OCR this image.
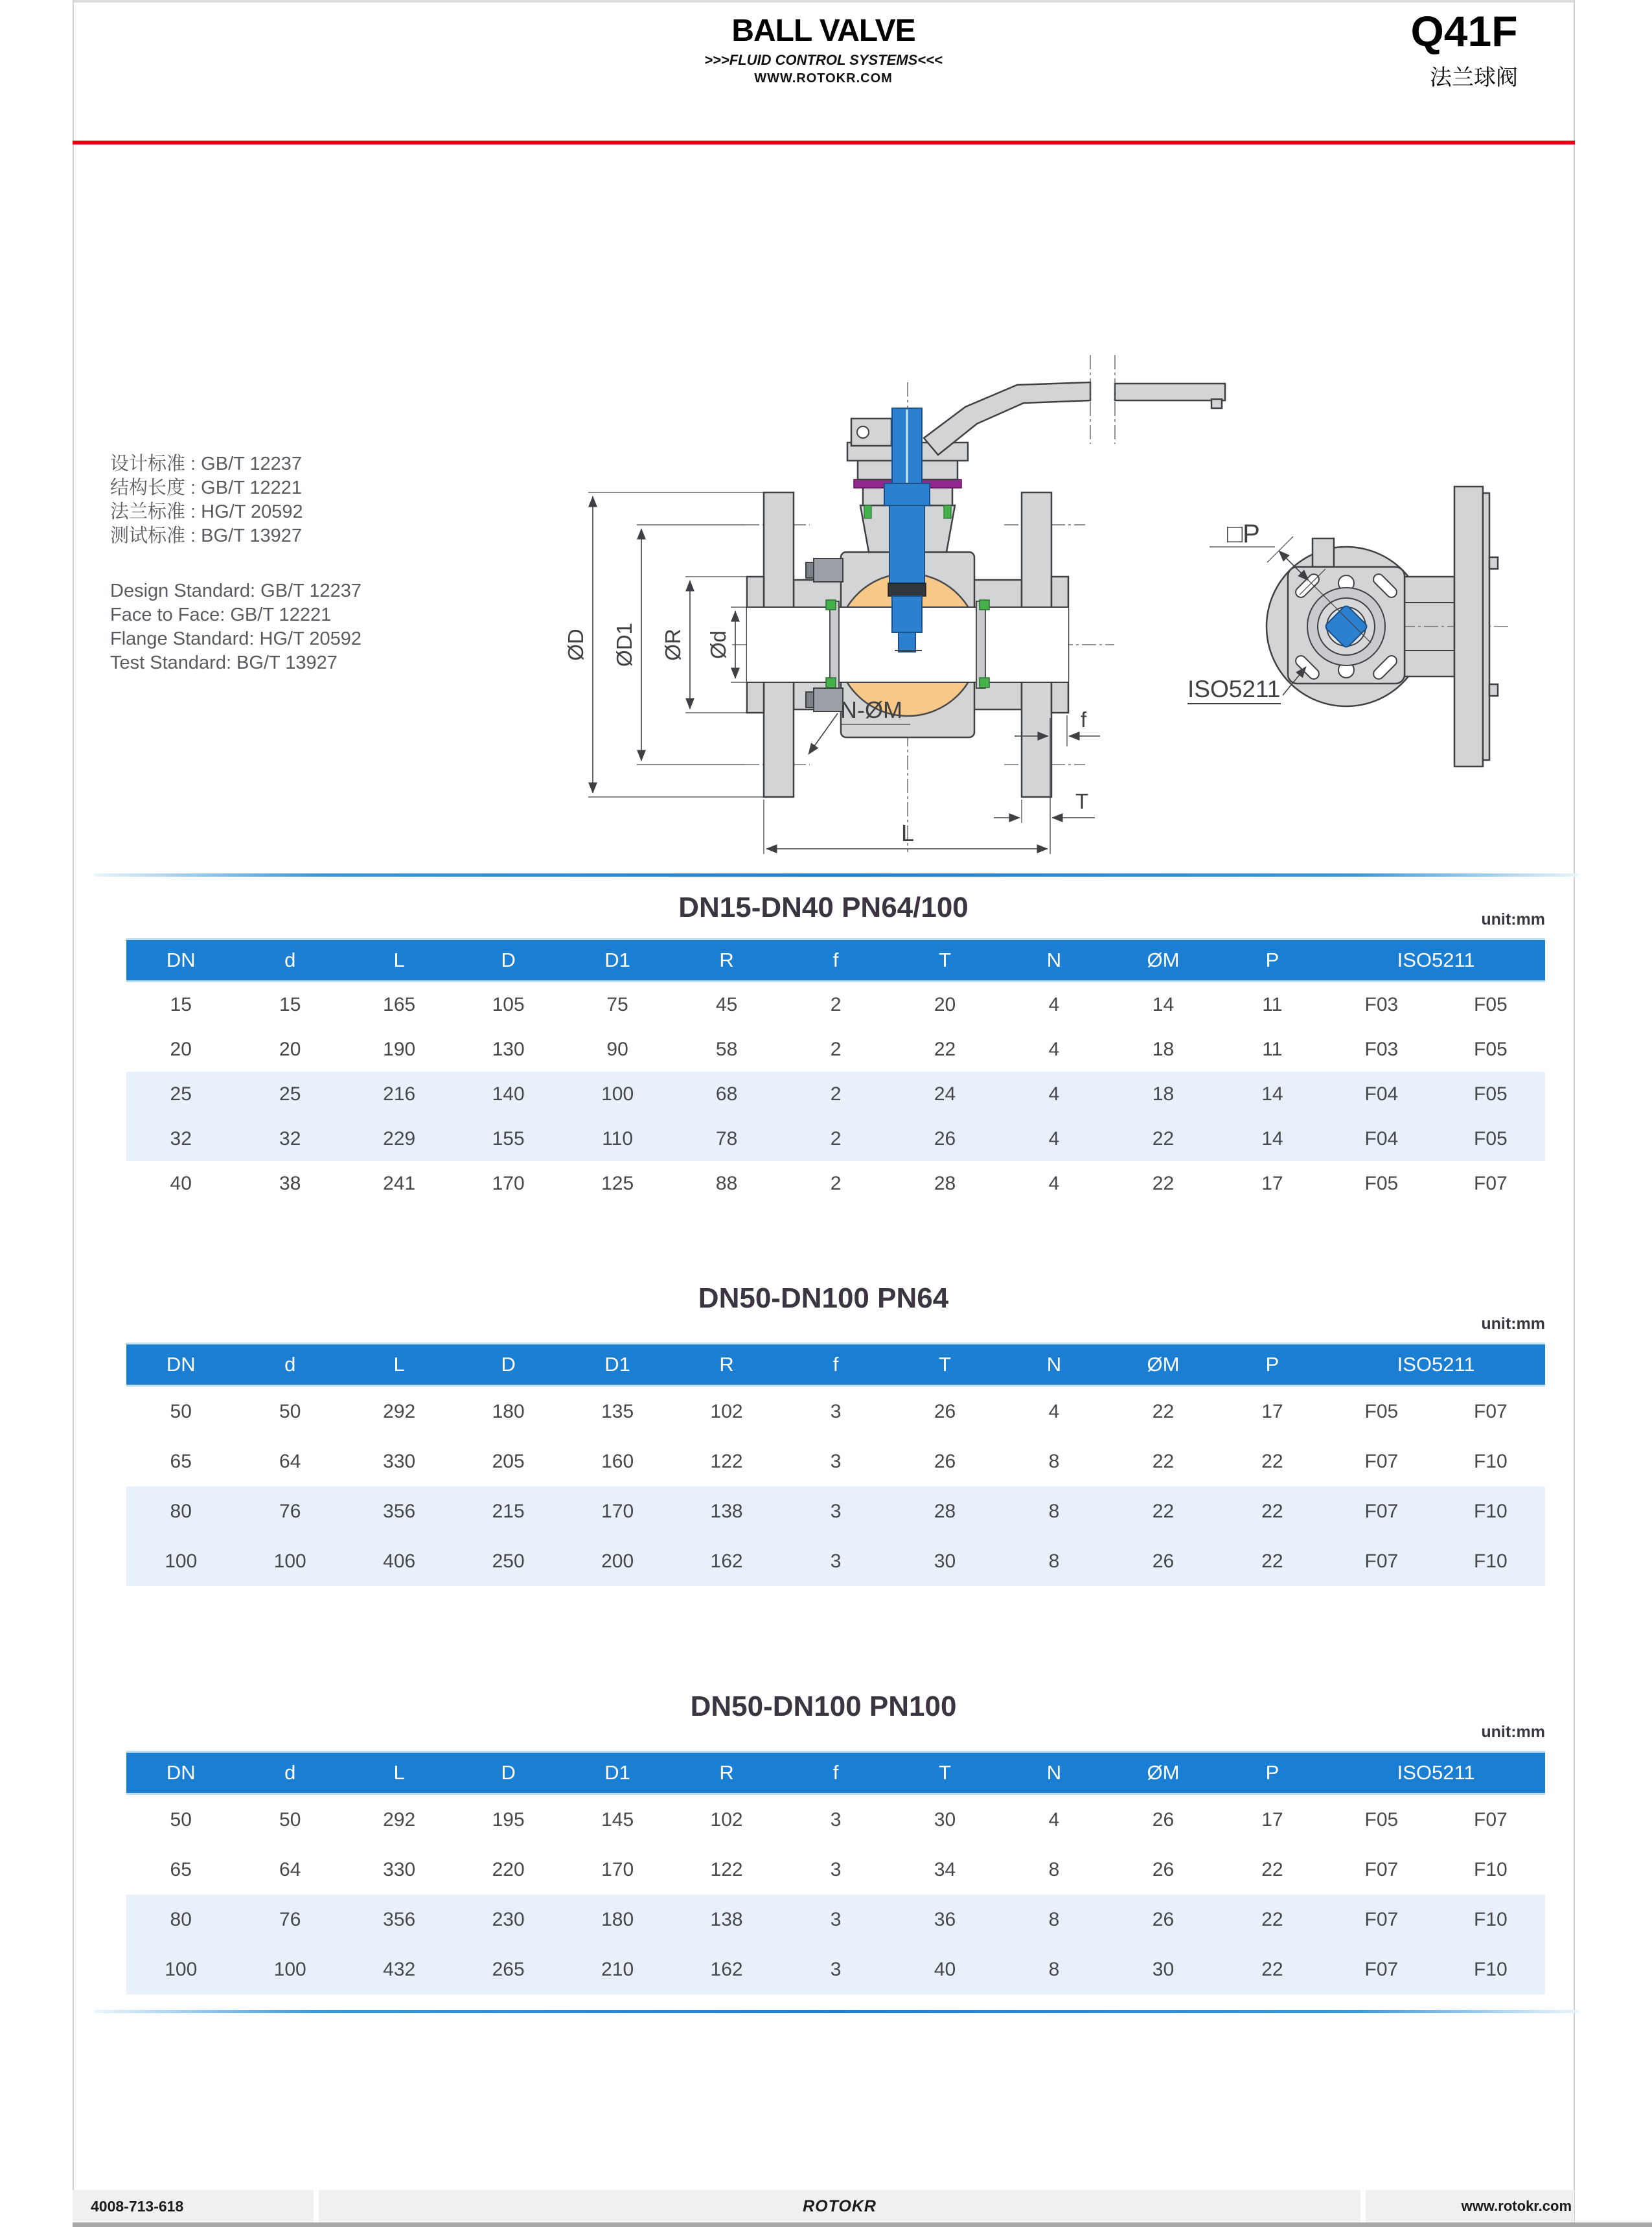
BALL VALVE
>>>FLUID CONTROL SYSTEMS<<<
WWW.ROTOKR.COM
Q41F
法兰球阀
设计标准 : GB/T 12237
结构长度 : GB/T 12221
法兰标准 : HG/T 20592
测试标准 : BG/T 13927
Design Standard: GB/T 12237
Face to Face: GB/T 12221
Flange Standard: HG/T 20592
Test Standard: BG/T 13927
ØD ØD1 ØR Ød
N-ØM	f
T
L
□P
ISO5211
DN15-DN40 PN64/100	unit:mm
DN	d	L	D	D1	R	f	T	N	ØM	P	ISO5211
15	15	165	105	75	45	2	20	4	14	11	F03	F05
20	20	190	130	90	58	2	22	4	18	11	F03	F05
25	25	216	140	100	68	2	24	4	18	14	F04	F05
32	32	229	155	110	78	2	26	4	22	14	F04	F05
40	38	241	170	125	88	2	28	4	22	17	F05	F07
DN50-DN100 PN64
unit:mm
DN	d	L	D	D1	R	f	T	N	ØM	P	ISO5211
50	50	292	180	135	102	3	26	4	22	17	F05	F07
65	64	330	205	160	122	3	26	8	22	22	F07	F10
80	76	356	215	170	138	3	28	8	22	22	F07	F10
100	100	406	250	200	162	3	30	8	26	22	F07	F10
DN50-DN100 PN100
unit:mm
DN	d	L	D	D1	R	f	T	N	ØM	P	ISO5211
50	50	292	195	145	102	3	30	4	26	17	F05	F07
65	64	330	220	170	122	3	34	8	26	22	F07	F10
80	76	356	230	180	138	3	36	8	26	22	F07	F10
100	100	432	265	210	162	3	40	8	30	22	F07	F10
4008-713-618	ROTOKR	www.rotokr.com
